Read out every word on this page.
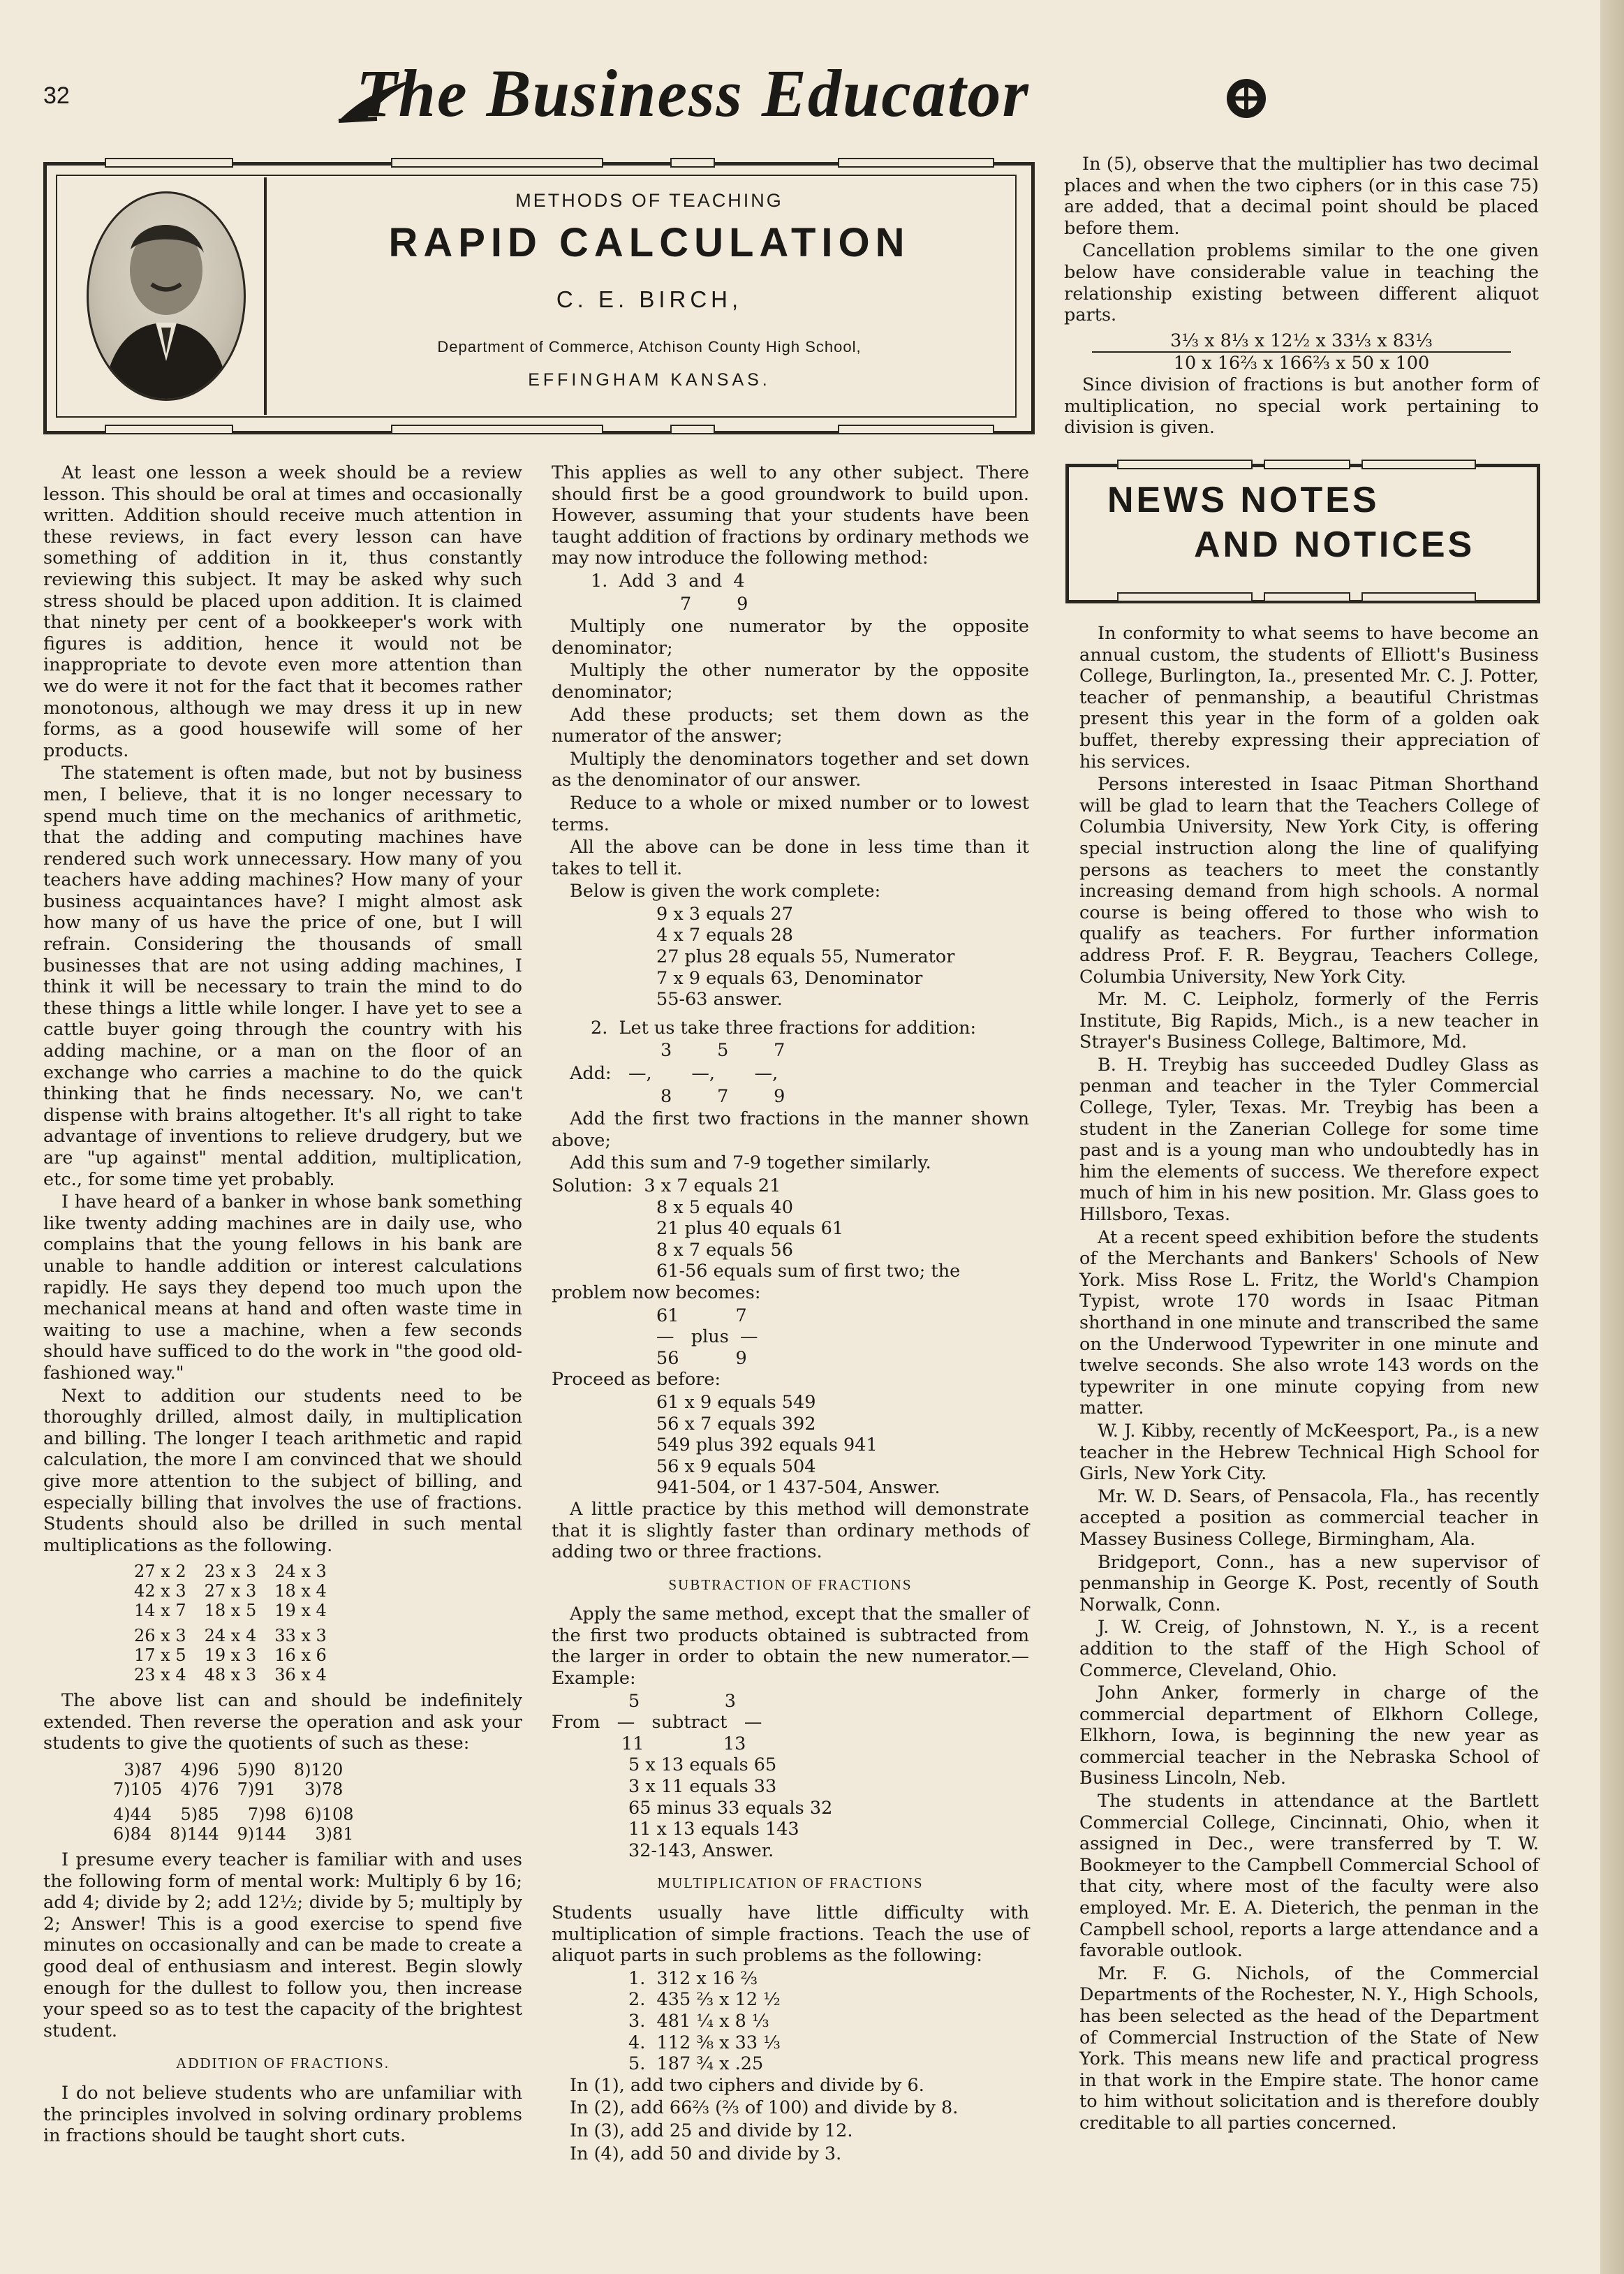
32	The Business Educator
METHODS OF TEACHING
RAPID CALCULATION
C. E. BIRCH,
Department of Commerce, Atchison County High School,
EFFINGHAM KANSAS.

At least one lesson a week should be a review lesson. This should be oral at times and occasionally written. Addition should receive much attention in these reviews, in fact every lesson can have something of addition in it, thus constantly reviewing this subject. It may be asked why such stress should be placed upon addition. It is claimed that ninety per cent of a bookkeeper's work with figures is addition, hence it would not be inappropriate to devote even more attention than we do were it not for the fact that it becomes rather monotonous, although we may dress it up in new forms, as a good housewife will some of her products.

The statement is often made, but not by business men, I believe, that it is no longer necessary to spend much time on the mechanics of arithmetic, that the adding and computing machines have rendered such work unnecessary. How many of you teachers have adding machines? How many of your business acquaintances have? I might almost ask how many of us have the price of one, but I will refrain. Considering the thousands of small businesses that are not using adding machines, I think it will be necessary to train the mind to do these things a little while longer. I have yet to see a cattle buyer going through the country with his adding machine, or a man on the floor of an exchange who carries a machine to do the quick thinking that he finds necessary. No, we can't dispense with brains altogether. It's all right to take advantage of inventions to relieve drudgery, but we are "up against" mental addition, multiplication, etc., for some time yet probably.

I have heard of a banker in whose bank something like twenty adding machines are in daily use, who complains that the young fellows in his bank are unable to handle addition or interest calculations rapidly. He says they depend too much upon the mechanical means at hand and often waste time in waiting to use a machine, when a few seconds should have sufficed to do the work in "the good old-fashioned way."

Next to addition our students need to be thoroughly drilled, almost daily, in multiplication and billing. The longer I teach arithmetic and rapid calculation, the more I am convinced that we should give more attention to the subject of billing, and especially billing that involves the use of fractions. Students should also be drilled in such mental multiplications as the following.

27 x 2	23 x 3	24 x 3
42 x 3	27 x 3	18 x 4
14 x 7	18 x 5	19 x 4
26 x 3	24 x 4	33 x 3
17 x 5	19 x 3	16 x 6
23 x 4	48 x 3	36 x 4

The above list can and should be indefinitely extended. Then reverse the operation and ask your students to give the quotients of such as these:

3)87	4)96	5)90	8)120
7)105	4)76	7)91	3)78
4)44	5)85	7)98	6)108
6)84	8)144	9)144	3)81

I presume every teacher is familiar with and uses the following form of mental work: Multiply 6 by 16; add 4; divide by 2; add 12½; divide by 5; multiply by 2; Answer! This is a good exercise to spend five minutes on occasionally and can be made to create a good deal of enthusiasm and interest. Begin slowly enough for the dullest to follow you, then increase your speed so as to test the capacity of the brightest student.

ADDITION OF FRACTIONS.

I do not believe students who are unfamiliar with the principles involved in solving ordinary problems in fractions should be taught short cuts.

This applies as well to any other subject. There should first be a good groundwork to build upon. However, assuming that your students have been taught addition of fractions by ordinary methods we may now introduce the following method:

1.  Add  3  and  4

7        9

Multiply one numerator by the opposite denominator;

Multiply the other numerator by the opposite denominator;

Add these products; set them down as the numerator of the answer;

Multiply the denominators together and set down as the denominator of our answer.

Reduce to a whole or mixed number or to lowest terms.

All the above can be done in less time than it takes to tell it.

Below is given the work complete:

9 x 3 equals 27
4 x 7 equals 28
27 plus 28 equals 55, Numerator
7 x 9 equals 63, Denominator
55-63 answer.

2.  Let us take three fractions for addition:

3        5        7

Add:   —,       —,       —,

8        7        9

Add the first two fractions in the manner shown above;

Add this sum and 7-9 together similarly.

Solution:  3 x 7 equals 21
8 x 5 equals 40
21 plus 40 equals 61
8 x 7 equals 56
61-56 equals sum of first two; the

problem now becomes:

61          7
—   plus  —
56          9

Proceed as before:

61 x 9 equals 549
56 x 7 equals 392
549 plus 392 equals 941
56 x 9 equals 504
941-504, or 1 437-504, Answer.

A little practice by this method will demonstrate that it is slightly faster than ordinary methods of adding two or three fractions.

SUBTRACTION OF FRACTIONS

Apply the same method, except that the smaller of the first two products obtained is subtracted from the larger in order to obtain the new numerator.—Example:

5               3
From   —   subtract   —
11              13
5 x 13 equals 65
3 x 11 equals 33
65 minus 33 equals 32
11 x 13 equals 143
32-143, Answer.
MULTIPLICATION OF FRACTIONS

Students usually have little difficulty with multiplication of simple fractions. Teach the use of aliquot parts in such problems as the following:

1.  312 x 16 ⅔
2.  435 ⅔ x 12 ½
3.  481 ¼ x 8 ⅓
4.  112 ⅜ x 33 ⅓
5.  187 ¾ x .25

In (1), add two ciphers and divide by 6.

In (2), add 66⅔ (⅔ of 100) and divide by 8.

In (3), add 25 and divide by 12.

In (4), add 50 and divide by 3.

In (5), observe that the multiplier has two decimal places and when the two ciphers (or in this case 75) are added, that a decimal point should be placed before them.

Cancellation problems similar to the one given below have considerable value in teaching the relationship existing between different aliquot parts.

3⅓ x 8⅓ x 12½ x 33⅓ x 83⅓
10 x 16⅔ x 166⅔ x 50 x 100

Since division of fractions is but another form of multiplication, no special work pertaining to division is given.

NEWS NOTES
AND NOTICES

In conformity to what seems to have become an annual custom, the students of Elliott's Business College, Burlington, Ia., presented Mr. C. J. Potter, teacher of penmanship, a beautiful Christmas present this year in the form of a golden oak buffet, thereby expressing their appreciation of his services.

Persons interested in Isaac Pitman Shorthand will be glad to learn that the Teachers College of Columbia University, New York City, is offering special instruction along the line of qualifying persons as teachers to meet the constantly increasing demand from high schools. A normal course is being offered to those who wish to qualify as teachers. For further information address Prof. F. R. Beygrau, Teachers College, Columbia University, New York City.

Mr. M. C. Leipholz, formerly of the Ferris Institute, Big Rapids, Mich., is a new teacher in Strayer's Business College, Baltimore, Md.

B. H. Treybig has succeeded Dudley Glass as penman and teacher in the Tyler Commercial College, Tyler, Texas. Mr. Treybig has been a student in the Zanerian College for some time past and is a young man who undoubtedly has in him the elements of success. We therefore expect much of him in his new position. Mr. Glass goes to Hillsboro, Texas.

At a recent speed exhibition before the students of the Merchants and Bankers' Schools of New York. Miss Rose L. Fritz, the World's Champion Typist, wrote 170 words in Isaac Pitman shorthand in one minute and transcribed the same on the Underwood Typewriter in one minute and twelve seconds. She also wrote 143 words on the typewriter in one minute copying from new matter.

W. J. Kibby, recently of McKeesport, Pa., is a new teacher in the Hebrew Technical High School for Girls, New York City.

Mr. W. D. Sears, of Pensacola, Fla., has recently accepted a position as commercial teacher in Massey Business College, Birmingham, Ala.

Bridgeport, Conn., has a new supervisor of penmanship in George K. Post, recently of South Norwalk, Conn.

J. W. Creig, of Johnstown, N. Y., is a recent addition to the staff of the High School of Commerce, Cleveland, Ohio.

John Anker, formerly in charge of the commercial department of Elkhorn College, Elkhorn, Iowa, is beginning the new year as commercial teacher in the Nebraska School of Business Lincoln, Neb.

The students in attendance at the Bartlett Commercial College, Cincinnati, Ohio, when it assigned in Dec., were transferred by T. W. Bookmeyer to the Campbell Commercial School of that city, where most of the faculty were also employed. Mr. E. A. Dieterich, the penman in the Campbell school, reports a large attendance and a favorable outlook.

Mr. F. G. Nichols, of the Commercial Departments of the Rochester, N. Y., High Schools, has been selected as the head of the Department of Commercial Instruction of the State of New York. This means new life and practical progress in that work in the Empire state. The honor came to him without solicitation and is therefore doubly creditable to all parties concerned.
